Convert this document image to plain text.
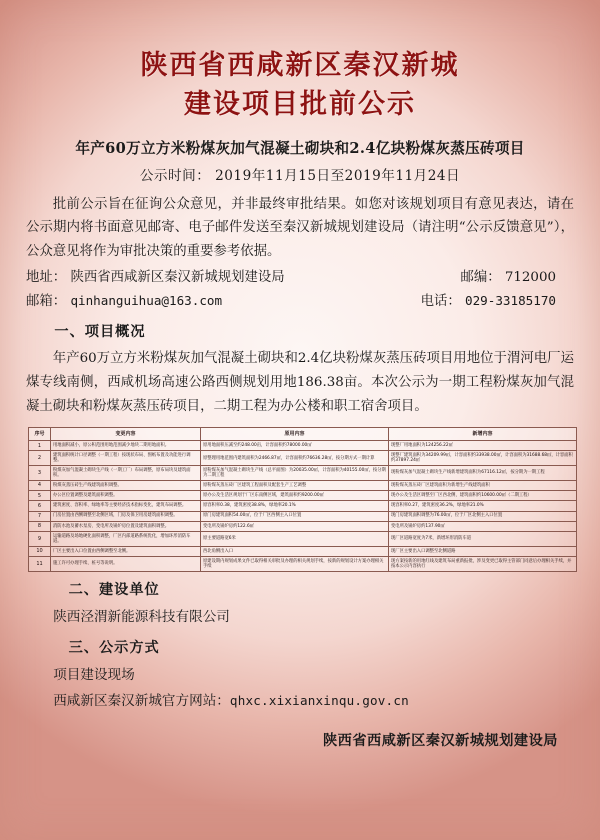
陕西省西咸新区秦汉新城
建设项目批前公示
年产60万立方米粉煤灰加气混凝土砌块和2.4亿块粉煤灰蒸压砖项目
公示时间： 2019年11月15日至2019年11月24日
批前公示旨在征询公众意见，并非最终审批结果。如您对该规划项目有意见表达，请在公示期内将书面意见邮寄、电子邮件发送至秦汉新城规划建设局（请注明“公示反馈意见”），公众意见将作为审批决策的重要参考依据。
地址： 陕西省西咸新区秦汉新城规划建设局	邮编： 712000
邮箱： qinhanguihua@163.com	电话： 029-33185170
一、项目概况
年产60万立方米粉煤灰加气混凝土砌块和2.4亿块粉煤灰蒸压砖项目用地位于渭河电厂运煤专线南侧，西咸机场高速公路西侧规划用地186.38亩。本次公示为一期工程粉煤灰加气混凝土砌块和粉煤灰蒸压砖项目，二期工程为办公楼和职工宿舍项目。
序号	变更内容	原用内容	新增内容
1	用地面积减小，原公积范围用地范围减少地块二期用地面积。	原用地面积压减至约248.00亩，计容面积约78000.00㎡	现整厂用地面积为124256.22㎡
2	建筑面积统计口径调整（一期工程）按现状布局、图纸布置及功能进行调整。	原整理用地范围内建筑面积为2466.87㎡，计容面积约76636.28㎡，按分期方式一期计算	现整厂建筑面积为34209.99㎡，计容面积约33938.00㎡，计容面积为31688.68㎡，计容面积约37897.24㎡
3	粉煤灰加气混凝土砌块生产线（一期工厂）布局调整，原布局块及建筑面积。	原粉煤灰加气混凝土砌块生产线（总平面图）为20035.00㎡，计容面积为40155.00㎡，按分期为二期工程	现粉煤灰加气混凝土砌块生产线新增建筑面积为67116.12㎡，按分期为一期工程
4	粉煤灰蒸压砖生产线建筑面积调整。	原粉煤灰蒸压砖厂区建筑工程面积及配套生产工艺调整	现粉煤灰蒸压砖厂区建筑面积为新增生产线建筑面积
5	办公区位置调整及建筑面积调整。	原办公及生活区规划于厂区东南侧区域，建筑面积约9200.00㎡	现办公及生活区调整至厂区西北侧，建筑面积约10600.00㎡（二期工程）
6	建筑密度、容积率、绿地率等主要经济技术指标变化，建筑布局调整。	原容积率0.38，建筑密度38.8%，绿地率20.1%	现容积率0.27，建筑密度36.2%，绿地率21.0%
7	门房位置由西侧调整至北侧区域，门房及保卫用房建筑面积调整。	原门房建筑面积54.00㎡，位于厂区西侧主入口位置	现门房建筑面积调整为76.00㎡，位于厂区北侧主入口位置
8	消防水池及蓄水泵房、变电所及锅炉房位置及建筑面积调整。	变电所及锅炉房约122.6㎡	变电所及锅炉房约137.90㎡
9	运输道路及场地硬化面积调整，厂区内部道路系统优化，增加环形消防车道。	原主要道路宽6米	现厂区道路宽度为7米，新增环形消防车道
10	厂区主要出入口位置由西侧调整至北侧。	西北角侧出入口	现厂区主要出入口调整至北侧道路
11	施工许可办理手续、桩号等说明。	原建设期内规划成果文件已取得相关审批及办理的相关规划手续，按新的规划设计方案办理相关手续	现方案按新的用地红线及建筑布局重新报批，涉及变更已取得主管部门同意后办理相关手续，并按本公示内容执行
二、建设单位
陕西泾渭新能源科技有限公司
三、公示方式
项目建设现场
西咸新区秦汉新城官方网站：qhxc.xixianxinqu.gov.cn
陕西省西咸新区秦汉新城规划建设局
